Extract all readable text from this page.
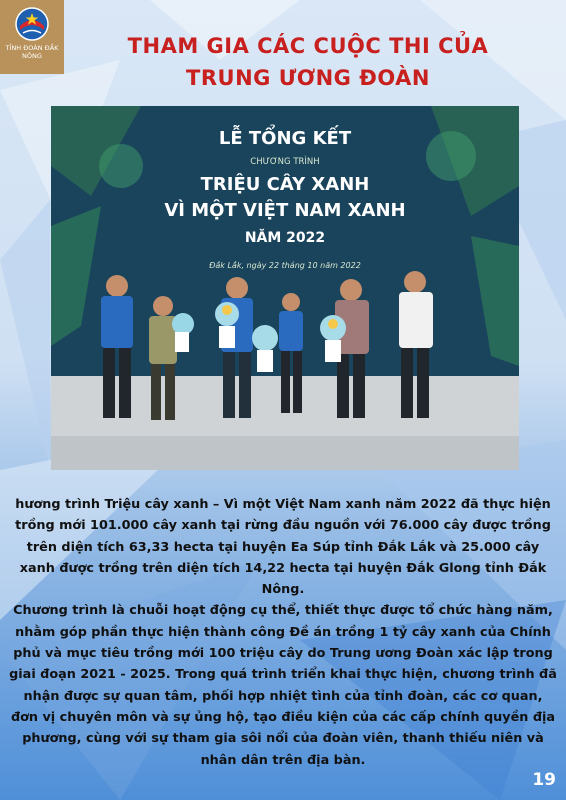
TỈNH ĐOÀN ĐẮK NÔNG	THAM GIA CÁC CUỘC THI CỦA
TRUNG ƯƠNG ĐOÀN
LỄ TỔNG KẾT
CHƯƠNG TRÌNH
TRIỆU CÂY XANH
VÌ MỘT VIỆT NAM XANH
NĂM 2022
Đắk Lắk, ngày 22 tháng 10 năm 2022

hương trình Triệu cây xanh – Vì một Việt Nam xanh năm 2022 đã thực hiện trồng mới 101.000 cây xanh tại rừng đầu nguồn với 76.000 cây được trồng trên diện tích 63,33 hecta tại huyện Ea Súp tỉnh Đắk Lắk và 25.000 cây xanh được trồng trên diện tích 14,22 hecta tại huyện Đắk Glong tỉnh Đắk Nông.

Chương trình là chuỗi hoạt động cụ thể, thiết thực được tổ chức hàng năm, nhằm góp phần thực hiện thành công Đề án trồng 1 tỷ cây xanh của Chính phủ và mục tiêu trồng mới 100 triệu cây do Trung ương Đoàn xác lập trong giai đoạn 2021 - 2025. Trong quá trình triển khai thực hiện, chương trình đã nhận được sự quan tâm, phối hợp nhiệt tình của tỉnh đoàn, các cơ quan, đơn vị chuyên môn và sự ủng hộ, tạo điều kiện của các cấp chính quyền địa phương, cùng với sự tham gia sôi nổi của đoàn viên, thanh thiếu niên và nhân dân trên địa bàn.

19
